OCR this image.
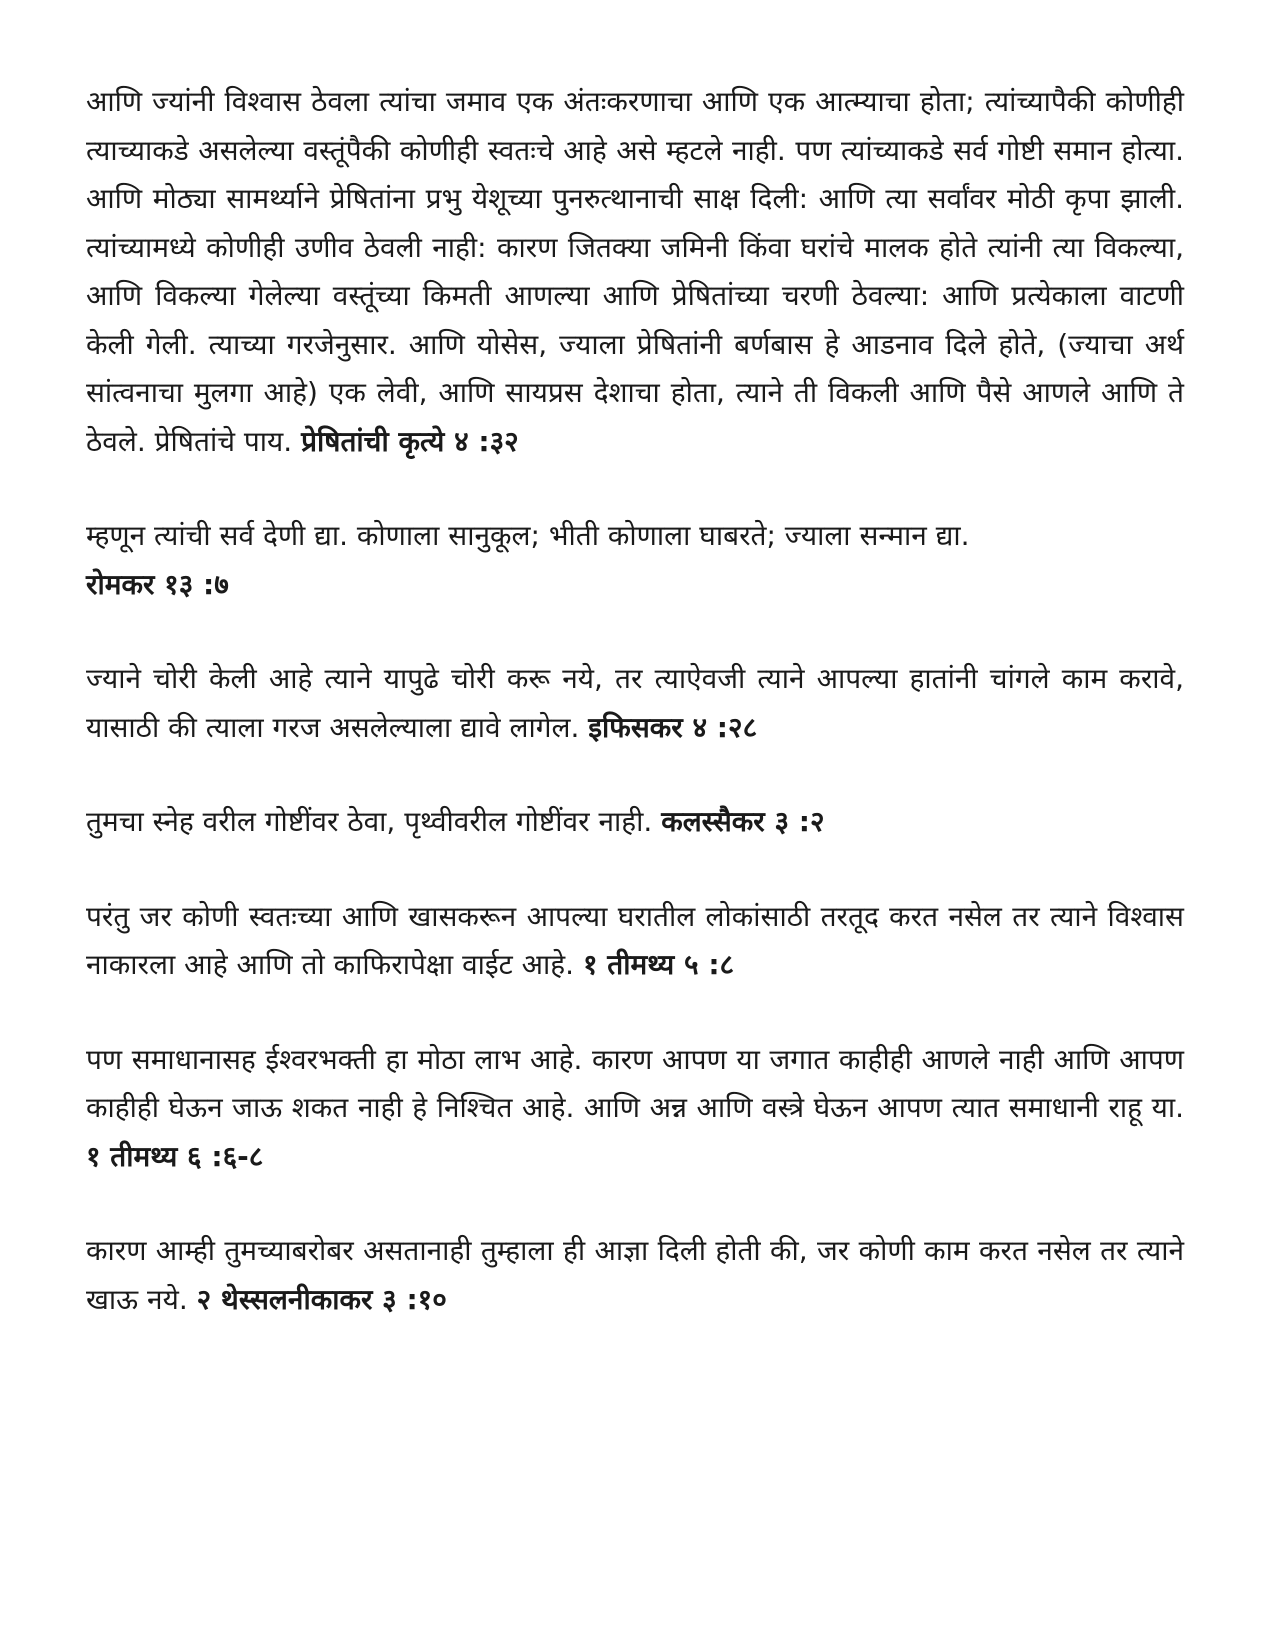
आणि ज्यांनी विश्वास ठेवला त्यांचा जमाव एक अंतःकरणाचा आणि एक आत्म्याचा होता; त्यांच्यापैकी कोणीही त्याच्याकडे असलेल्या वस्तूंपैकी कोणीही स्वतःचे आहे असे म्हटले नाही. पण त्यांच्याकडे सर्व गोष्टी समान होत्या. आणि मोठ्या सामर्थ्याने प्रेषितांना प्रभु येशूच्या पुनरुत्थानाची साक्ष दिली: आणि त्या सर्वांवर मोठी कृपा झाली. त्यांच्यामध्ये कोणीही उणीव ठेवली नाही: कारण जितक्या जमिनी किंवा घरांचे मालक होते त्यांनी त्या विकल्या, आणि विकल्या गेलेल्या वस्तूंच्या किमती आणल्या आणि प्रेषितांच्या चरणी ठेवल्या: आणि प्रत्येकाला वाटणी केली गेली. त्याच्या गरजेनुसार. आणि योसेस, ज्याला प्रेषितांनी बर्णबास हे आडनाव दिले होते, (ज्याचा अर्थ सांत्वनाचा मुलगा आहे) एक लेवी, आणि सायप्रस देशाचा होता, त्याने ती विकली आणि पैसे आणले आणि ते ठेवले. प्रेषितांचे पाय. प्रेषितांची कृत्ये ४ :३२

म्हणून त्यांची सर्व देणी द्या. कोणाला सानुकूल; भीती कोणाला घाबरते; ज्याला सन्मान द्या.
रोमकर १३ :७

ज्याने चोरी केली आहे त्याने यापुढे चोरी करू नये, तर त्याऐवजी त्याने आपल्या हातांनी चांगले काम करावे, यासाठी की त्याला गरज असलेल्याला द्यावे लागेल. इफिसकर ४ :२८

तुमचा स्नेह वरील गोष्टींवर ठेवा, पृथ्वीवरील गोष्टींवर नाही. कलस्सैकर ३ :२

परंतु जर कोणी स्वतःच्या आणि खासकरून आपल्या घरातील लोकांसाठी तरतूद करत नसेल तर त्याने विश्वास नाकारला आहे आणि तो काफिरापेक्षा वाईट आहे. १ तीमथ्य ५ :८

पण समाधानासह ईश्वरभक्ती हा मोठा लाभ आहे. कारण आपण या जगात काहीही आणले नाही आणि आपण काहीही घेऊन जाऊ शकत नाही हे निश्चित आहे. आणि अन्न आणि वस्त्रे घेऊन आपण त्यात समाधानी राहू या. १ तीमथ्य ६ :६-८

कारण आम्ही तुमच्याबरोबर असतानाही तुम्हाला ही आज्ञा दिली होती की, जर कोणी काम करत नसेल तर त्याने खाऊ नये. २ थेस्सलनीकाकर ३ :१०
